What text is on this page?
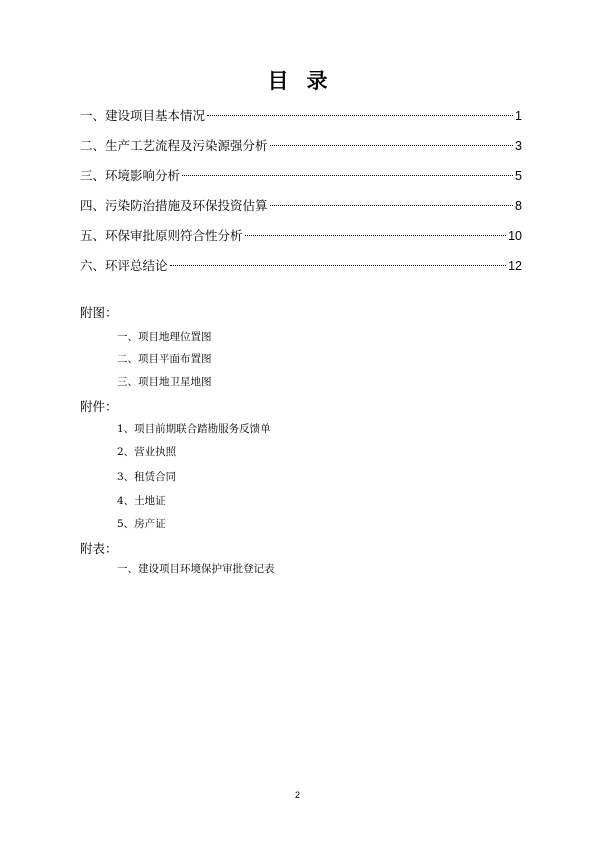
目录
一、建设项目基本情况	1
二、生产工艺流程及污染源强分析	3
三、环境影响分析	5
四、污染防治措施及环保投资估算	8
五、环保审批原则符合性分析	10
六、环评总结论	12
附图：
一、项目地理位置图
二、项目平面布置图
三、项目地卫星地图
附件：
1、项目前期联合踏勘服务反馈单
2、营业执照
3、租赁合同
4、土地证
5、房产证
附表：
一、建设项目环境保护审批登记表
2
